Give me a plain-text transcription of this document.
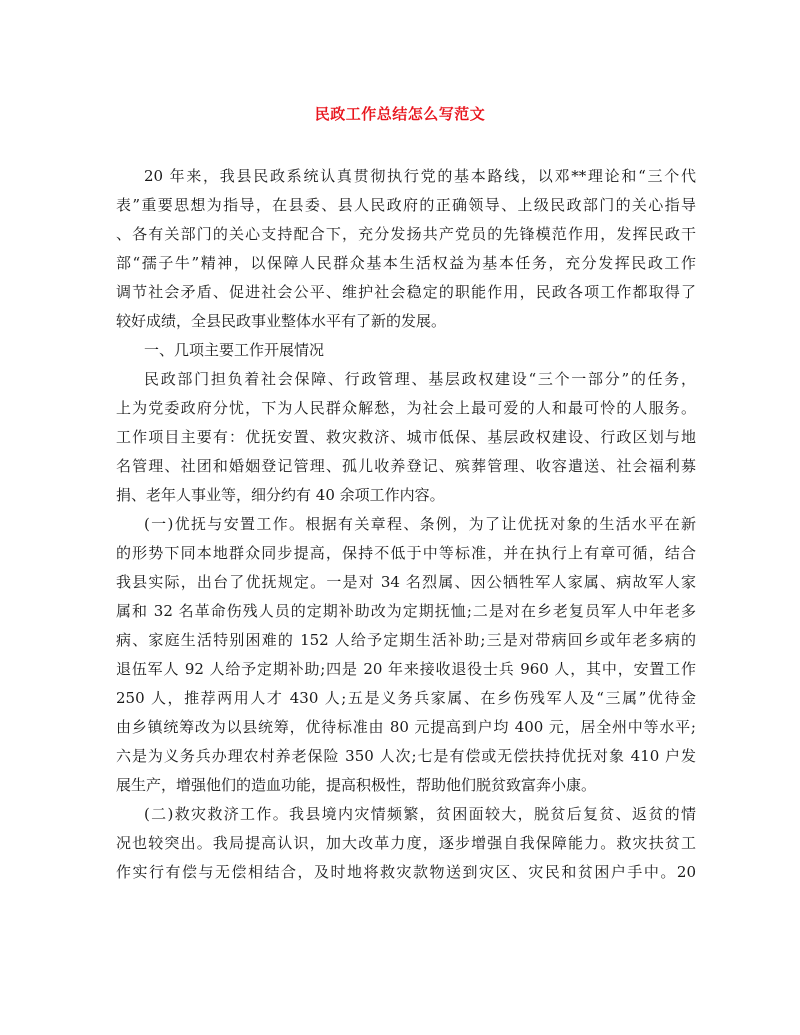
民政工作总结怎么写范文
20 年来，我县民政系统认真贯彻执行党的基本路线，以邓**理论和“三个代
表”重要思想为指导，在县委、县人民政府的正确领导、上级民政部门的关心指导
、各有关部门的关心支持配合下，充分发扬共产党员的先锋模范作用，发挥民政干
部“孺子牛”精神，以保障人民群众基本生活权益为基本任务，充分发挥民政工作
调节社会矛盾、促进社会公平、维护社会稳定的职能作用，民政各项工作都取得了
较好成绩，全县民政事业整体水平有了新的发展。
一、几项主要工作开展情况
民政部门担负着社会保障、行政管理、基层政权建设“三个一部分”的任务，
上为党委政府分忧，下为人民群众解愁，为社会上最可爱的人和最可怜的人服务。
工作项目主要有：优抚安置、救灾救济、城市低保、基层政权建设、行政区划与地
名管理、社团和婚姻登记管理、孤儿收养登记、殡葬管理、收容遣送、社会福利募
捐、老年人事业等，细分约有 40 余项工作内容。
(一)优抚与安置工作。根据有关章程、条例，为了让优抚对象的生活水平在新
的形势下同本地群众同步提高，保持不低于中等标准，并在执行上有章可循，结合
我县实际，出台了优抚规定。一是对 34 名烈属、因公牺牲军人家属、病故军人家
属和 32 名革命伤残人员的定期补助改为定期抚恤;二是对在乡老复员军人中年老多
病、家庭生活特别困难的 152 人给予定期生活补助;三是对带病回乡或年老多病的
退伍军人 92 人给予定期补助;四是 20 年来接收退役士兵 960 人，其中，安置工作
250 人，推荐两用人才 430 人;五是义务兵家属、在乡伤残军人及“三属”优待金
由乡镇统筹改为以县统筹，优待标准由 80 元提高到户均 400 元，居全州中等水平;
六是为义务兵办理农村养老保险 350 人次;七是有偿或无偿扶持优抚对象 410 户发
展生产，增强他们的造血功能，提高积极性，帮助他们脱贫致富奔小康。
(二)救灾救济工作。我县境内灾情频繁，贫困面较大，脱贫后复贫、返贫的情
况也较突出。我局提高认识，加大改革力度，逐步增强自我保障能力。救灾扶贫工
作实行有偿与无偿相结合，及时地将救灾款物送到灾区、灾民和贫困户手中。20
